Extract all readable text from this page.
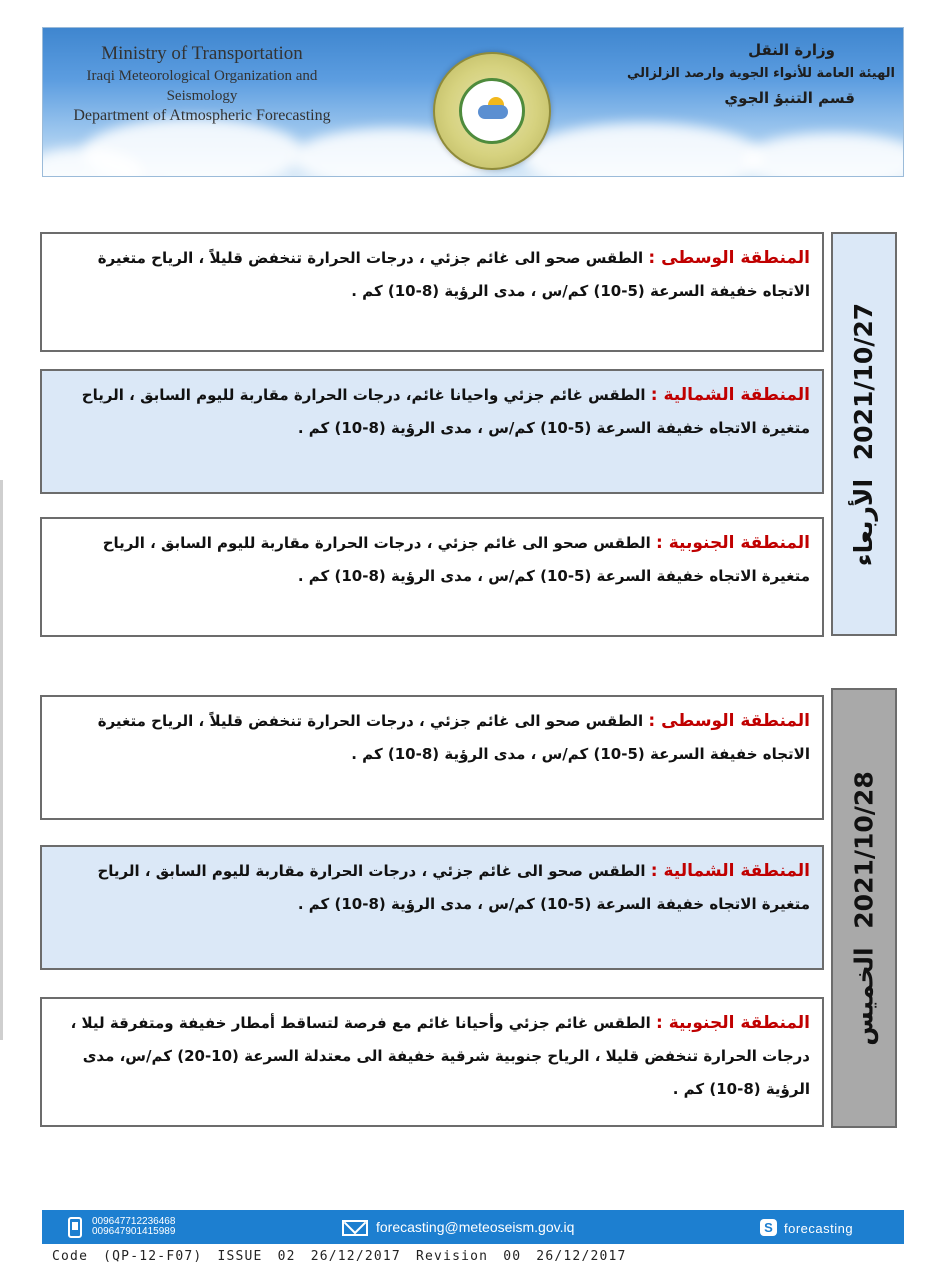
Ministry of Transportation
Iraqi Meteorological Organization and Seismology
Department of Atmospheric Forecasting
وزارة النقل
الهيئة العامة للأنواء الجوية وارصد الزلزالي
قسم التنبؤ الجوي
المنطقة الوسطى : الطقس صحو الى غائم جزئي ، درجات الحرارة تنخفض قليلاً ، الرياح متغيرة الاتجاه خفيفة السرعة (5-10) كم/س ، مدى الرؤية (8-10) كم .
المنطقة الشمالية : الطقس غائم جزئي واحيانا غائم، درجات الحرارة مقاربة لليوم السابق ، الرياح متغيرة الاتجاه خفيفة السرعة (5-10) كم/س ، مدى الرؤية (8-10) كم .
المنطقة الجنوبية : الطقس صحو الى غائم جزئي ، درجات الحرارة مقاربة لليوم السابق ، الرياح متغيرة الاتجاه خفيفة السرعة (5-10) كم/س ، مدى الرؤية (8-10) كم .
2021/10/27 الأربعاء
المنطقة الوسطى : الطقس صحو الى غائم جزئي ، درجات الحرارة تنخفض قليلاً ، الرياح متغيرة الاتجاه خفيفة السرعة (5-10) كم/س ، مدى الرؤية (8-10) كم .
المنطقة الشمالية : الطقس صحو الى غائم جزئي ، درجات الحرارة مقاربة لليوم السابق ، الرياح متغيرة الاتجاه خفيفة السرعة (5-10) كم/س ، مدى الرؤية (8-10) كم .
المنطقة الجنوبية : الطقس غائم جزئي وأحيانا غائم مع فرصة لتساقط أمطار خفيفة ومتفرقة ليلا ، درجات الحرارة تنخفض قليلا ، الرياح جنوبية شرقية خفيفة الى معتدلة السرعة (10-20) كم/س، مدى الرؤية (8-10) كم .
2021/10/28 الخميس
009647712236468
009647901415989	forecasting@meteoseism.gov.iq	S forecasting
Code (QP-12-F07) ISSUE 02 26/12/2017 Revision 00 26/12/2017
